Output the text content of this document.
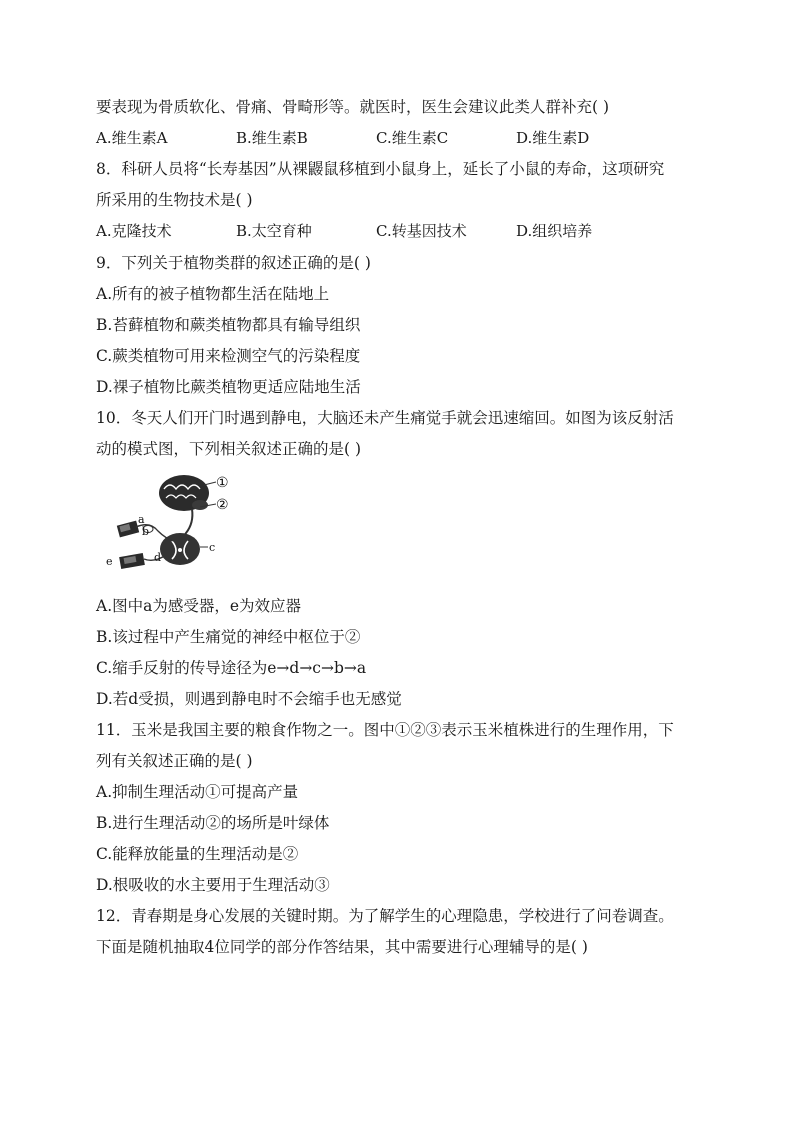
要表现为骨质软化、骨痛、骨畸形等。就医时，医生会建议此类人群补充( )
A.维生素A	B.维生素B	C.维生素C	D.维生素D
8．科研人员将“长寿基因”从裸鼹鼠移植到小鼠身上，延长了小鼠的寿命，这项研究
所采用的生物技术是( )
A.克隆技术	B.太空育种	C.转基因技术	D.组织培养
9．下列关于植物类群的叙述正确的是( )
A.所有的被子植物都生活在陆地上
B.苔藓植物和蕨类植物都具有输导组织
C.蕨类植物可用来检测空气的污染程度
D.裸子植物比蕨类植物更适应陆地生活
10．冬天人们开门时遇到静电，大脑还未产生痛觉手就会迅速缩回。如图为该反射活
动的模式图，下列相关叙述正确的是( )
①
②
a
b
c
d
e
A.图中a为感受器，e为效应器
B.该过程中产生痛觉的神经中枢位于②
C.缩手反射的传导途径为e→d→c→b→a
D.若d受损，则遇到静电时不会缩手也无感觉
11．玉米是我国主要的粮食作物之一。图中①②③表示玉米植株进行的生理作用，下
列有关叙述正确的是( )
A.抑制生理活动①可提高产量
B.进行生理活动②的场所是叶绿体
C.能释放能量的生理活动是②
D.根吸收的水主要用于生理活动③
12．青春期是身心发展的关键时期。为了解学生的心理隐患，学校进行了问卷调查。
下面是随机抽取4位同学的部分作答结果，其中需要进行心理辅导的是( )
